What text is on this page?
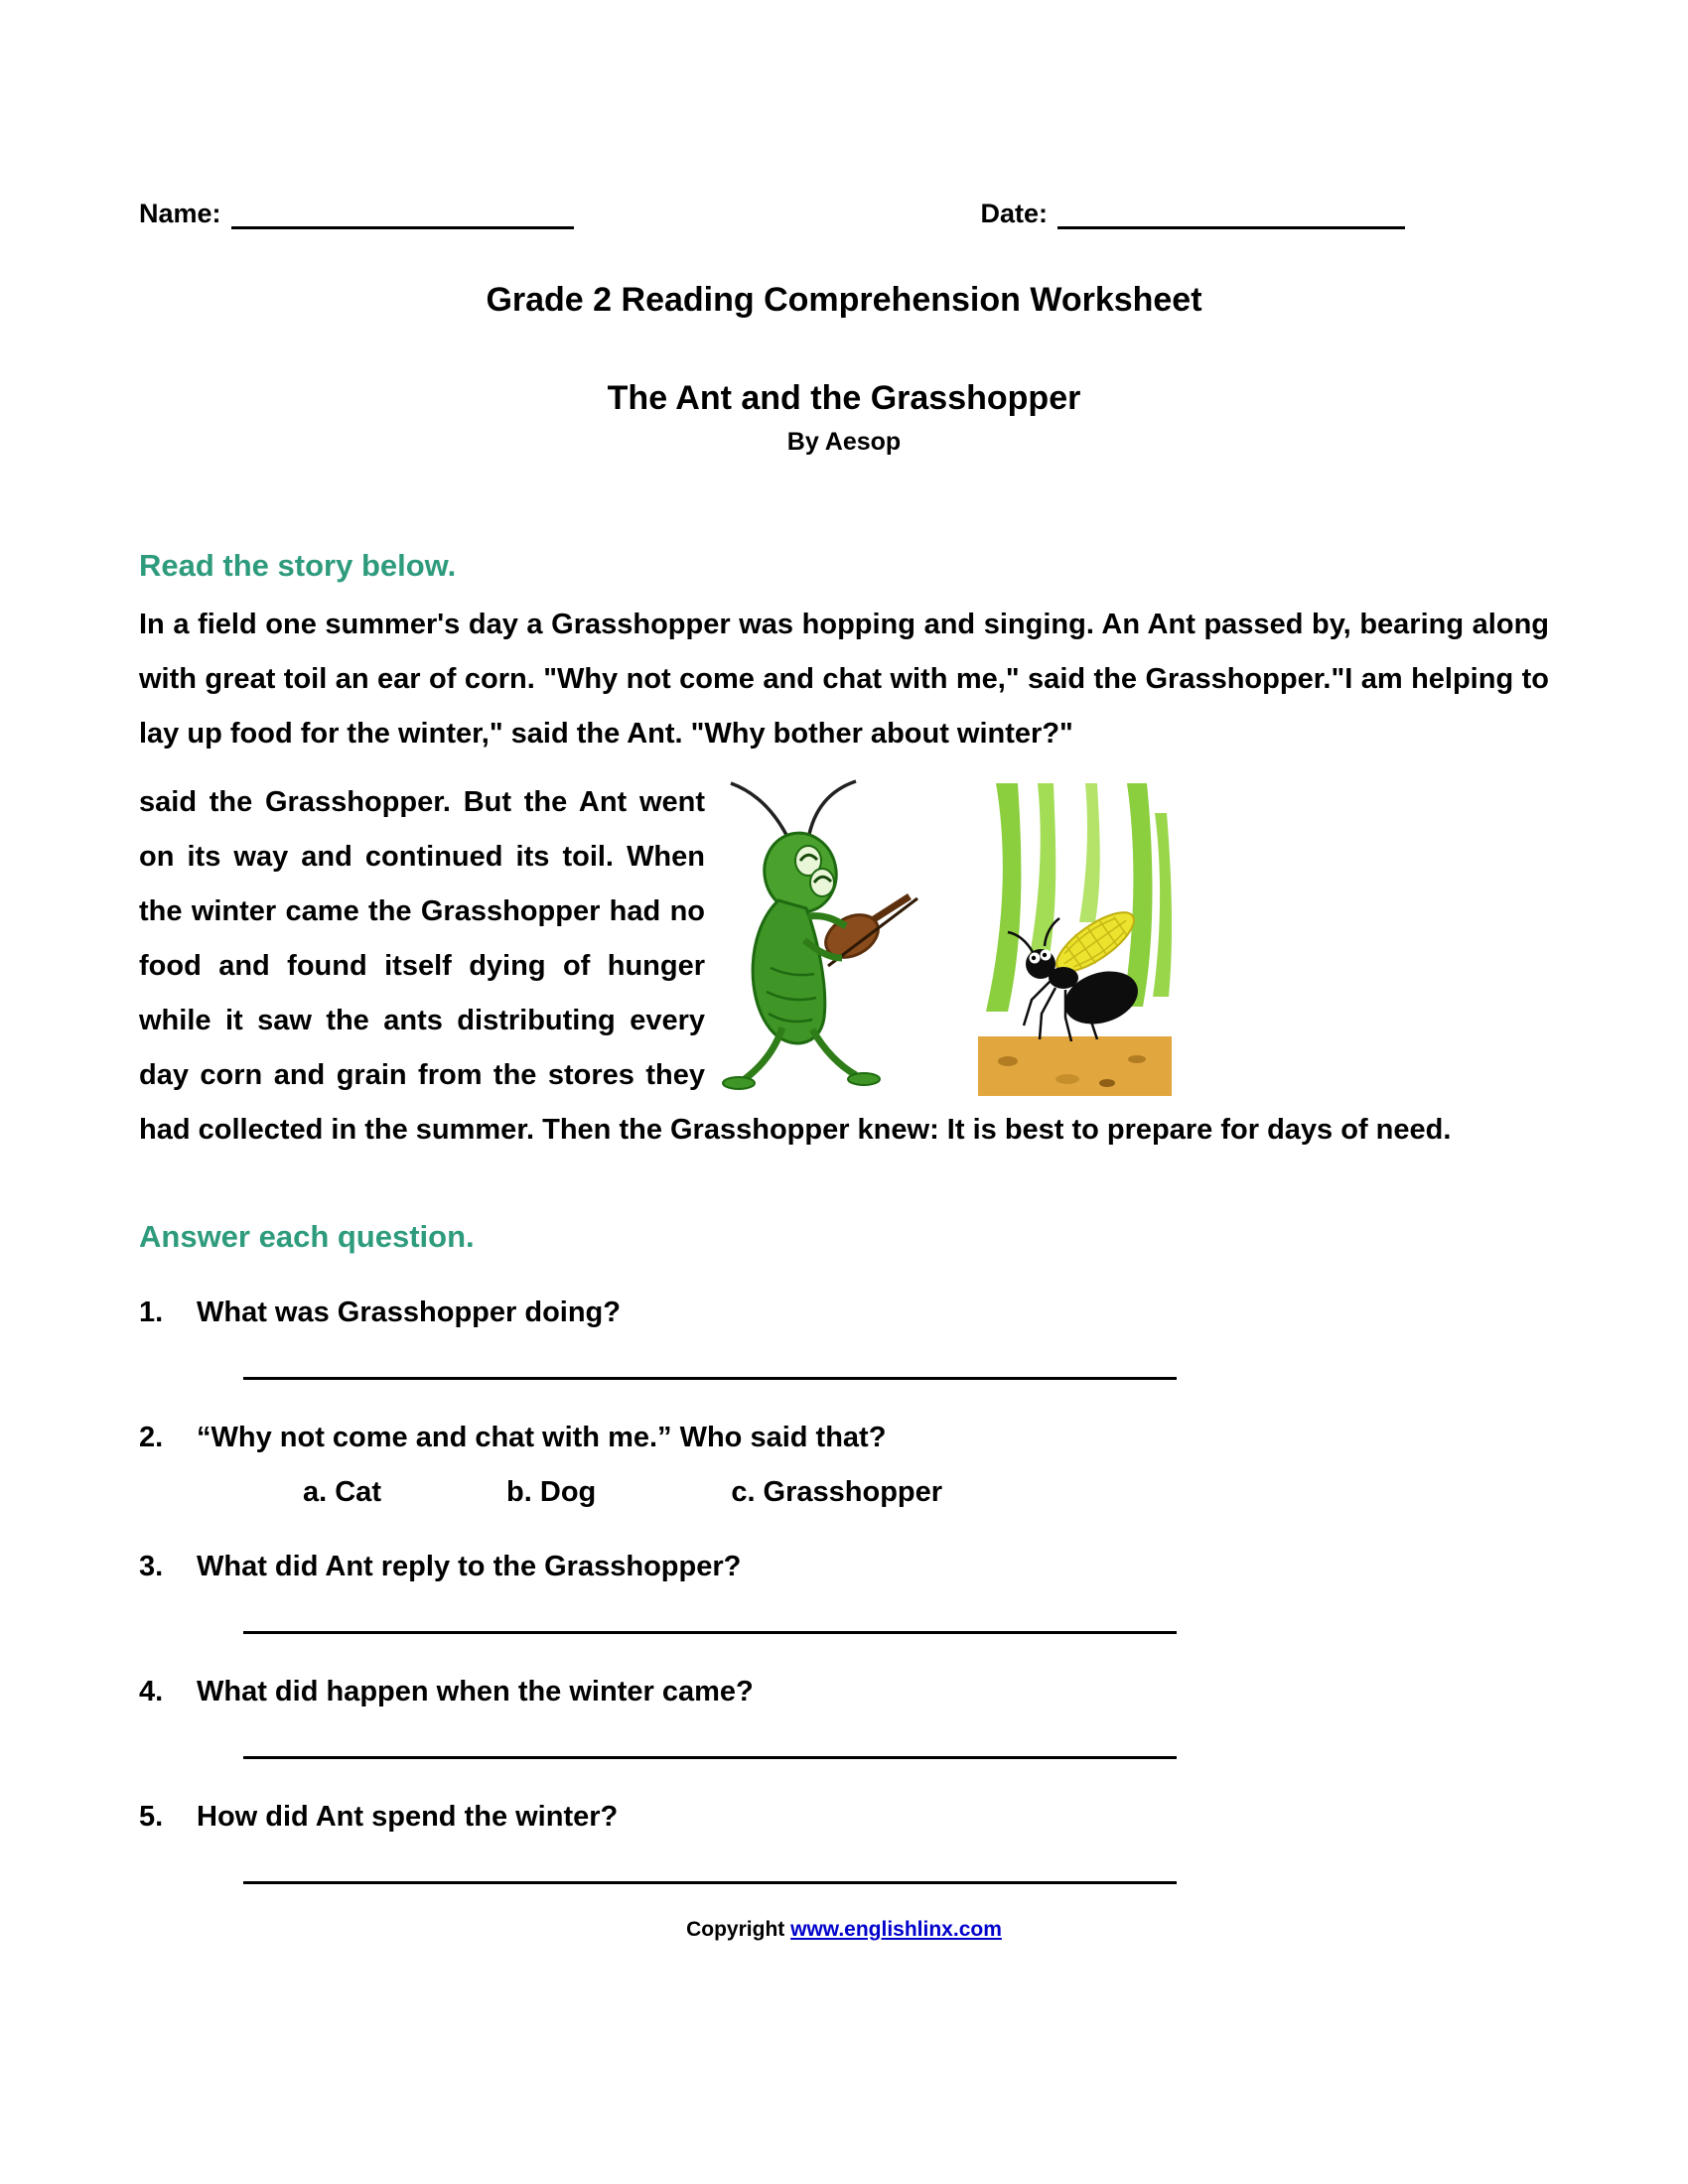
Name:	Date:
Grade 2 Reading Comprehension Worksheet
The Ant and the Grasshopper
By Aesop
Read the story below.

In a field one summer's day a Grasshopper was hopping and singing. An Ant passed by, bearing along with great toil an ear of corn. "Why not come and chat with me," said the Grasshopper."I am helping to lay up food for the winter," said the Ant. "Why bother about winter?"

said the Grasshopper. But the Ant went on its way and continued its toil. When the winter came the Grasshopper had no food and found itself dying of hunger while it saw the ants distributing every day corn and grain from the stores they had collected in the summer. Then the Grasshopper knew: It is best to prepare for days of need.

Answer each question.
1.	What was Grasshopper doing?
2.	“Why not come and chat with me.” Who said that?
a. Cat	b. Dog	c. Grasshopper
3.	What did Ant reply to the Grasshopper?
4.	What did happen when the winter came?
5.	How did Ant spend the winter?
Copyright www.englishlinx.com
